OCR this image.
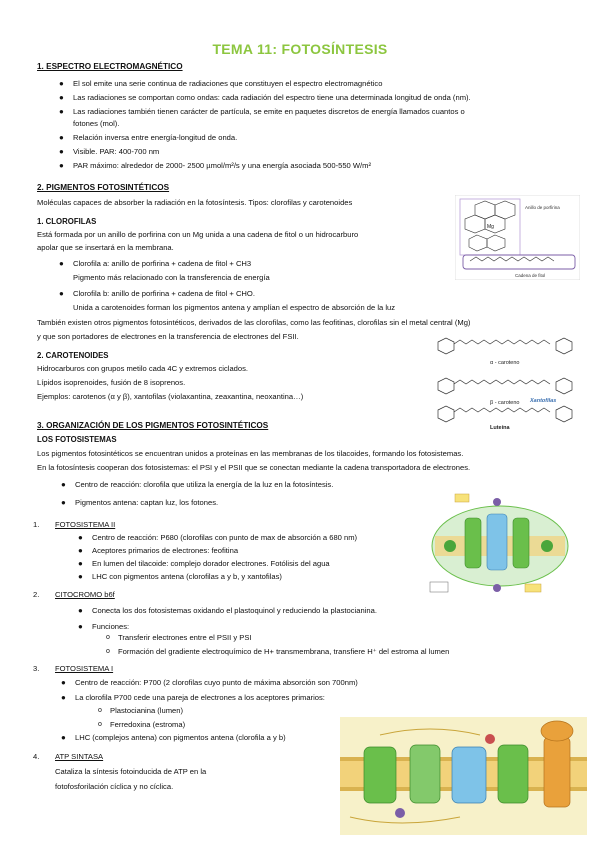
TEMA 11: FOTOSÍNTESIS
1. ESPECTRO ELECTROMAGNÉTICO
● El sol emite una serie continua de radiaciones que constituyen el espectro electromagnético
● Las radiaciones se comportan como ondas: cada radiación del espectro tiene una determinada longitud de onda (nm).
● Las radiaciones también tienen carácter de partícula, se emite en paquetes discretos de energía llamados cuantos o
fotones (mol).
● Relación inversa entre energía-longitud de onda.
● Visible. PAR: 400-700 nm
● PAR máximo: alrededor de 2000- 2500 µmol/m²/s y una energía asociada 500-550 W/m²
2. PIGMENTOS FOTOSINTÉTICOS
Moléculas capaces de absorber la radiación en la fotosíntesis. Tipos: clorofilas y carotenoides
1. CLOROFILAS
Está formada por un anillo de porfirina con un Mg unida a una cadena de fitol o un hidrocarburo
apolar que se insertará en la membrana.
● Clorofila a: anillo de porfirina + cadena de fitol + CH3
Pigmento más relacionado con la transferencia de energía
● Clorofila b: anillo de porfirina + cadena de fitol + CHO.
Unida a carotenoides forman los pigmentos antena y amplían el espectro de absorción de la luz
También existen otros pigmentos fotosintéticos, derivados de las clorofilas, como las feofitinas, clorofilas sin el metal central (Mg)
y que son portadores de electrones en la transferencia de electrones del FSII.
2. CAROTENOIDES
Hidrocarburos con grupos metilo cada 4C y extremos ciclados.
Lípidos isoprenoides, fusión de 8 isoprenos.
Ejemplos: carotenos (α y β), xantofilas (violaxantina, zeaxantina, neoxantina…)
3. ORGANIZACIÓN DE LOS PIGMENTOS FOTOSINTÉTICOS
LOS FOTOSISTEMAS
Los pigmentos fotosintéticos se encuentran unidos a proteínas en las membranas de los tilacoides, formando los fotosistemas.
En la fotosíntesis cooperan dos fotosistemas: el PSI y el PSII que se conectan mediante la cadena transportadora de electrones.
● Centro de reacción: clorofila que utiliza la energía de la luz en la fotosíntesis.
● Pigmentos antena: captan luz, los fotones.
1. FOTOSISTEMA II
● Centro de reacción: P680 (clorofilas con punto de max de absorción a 680 nm)
● Aceptores primarios de electrones: feofitina
● En lumen del tilacoide: complejo dorador electrones. Fotólisis del agua
● LHC con pigmentos antena (clorofilas a y b, y xantofilas)
2. CITOCROMO b6f
● Conecta los dos fotosistemas oxidando el plastoquinol y reduciendo la plastocianina.
● Funciones:
o Transferir electrones entre el PSII y PSI
o Formación del gradiente electroquímico de H+ transmembrana, transfiere H⁺ del estroma al lumen
3. FOTOSISTEMA I
● Centro de reacción: P700 (2 clorofilas cuyo punto de máxima absorción son 700nm)
● La clorofila P700 cede una pareja de electrones a los aceptores primarios:
o Plastocianina (lumen)
o Ferredoxina (estroma)
● LHC (complejos antena) con pigmentos antena (clorofila a y b)
4. ATP SINTASA
Cataliza la síntesis fotoinducida de ATP en la
fotofosforilación cíclica y no cíclica.
Mg
Anillo de porfirina
Cadena de fitol
α - caroteno
β - caroteno Xantofilas
Luteína
